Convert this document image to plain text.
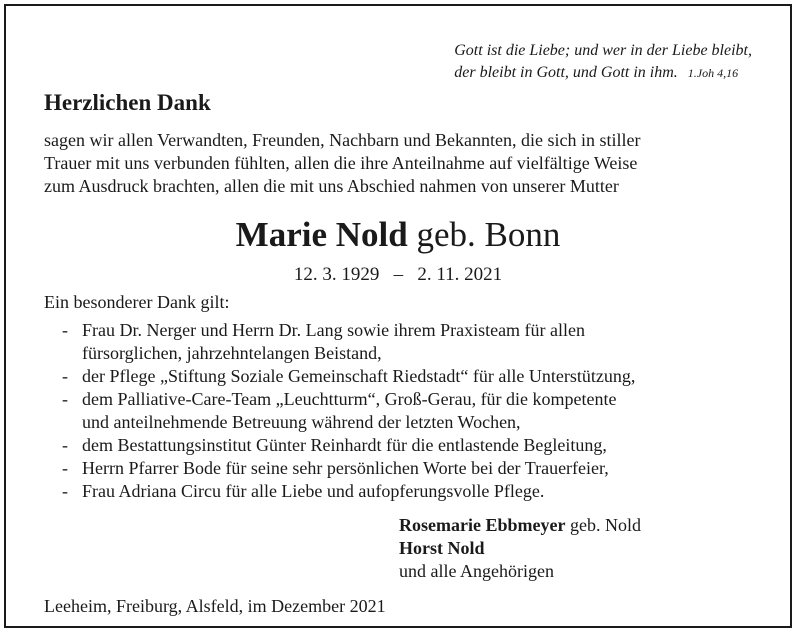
Gott ist die Liebe; und wer in der Liebe bleibt,
der bleibt in Gott, und Gott in ihm. 1.Joh 4,16
Herzlichen Dank
sagen wir allen Verwandten, Freunden, Nachbarn und Bekannten, die sich in stiller
Trauer mit uns verbunden fühlten, allen die ihre Anteilnahme auf vielfältige Weise
zum Ausdruck brachten, allen die mit uns Abschied nahmen von unserer Mutter
Marie Nold geb. Bonn
12. 3. 1929 – 2. 11. 2021
Ein besonderer Dank gilt:
- Frau Dr. Nerger und Herrn Dr. Lang sowie ihrem Praxisteam für allen
fürsorglichen, jahrzehntelangen Beistand,
- der Pflege „Stiftung Soziale Gemeinschaft Riedstadt“ für alle Unterstützung,
- dem Palliative-Care-Team „Leuchtturm“, Groß-Gerau, für die kompetente
und anteilnehmende Betreuung während der letzten Wochen,
- dem Bestattungsinstitut Günter Reinhardt für die entlastende Begleitung,
- Herrn Pfarrer Bode für seine sehr persönlichen Worte bei der Trauerfeier,
- Frau Adriana Circu für alle Liebe und aufopferungsvolle Pflege.
Rosemarie Ebbmeyer geb. Nold
Horst Nold
und alle Angehörigen
Leeheim, Freiburg, Alsfeld, im Dezember 2021
